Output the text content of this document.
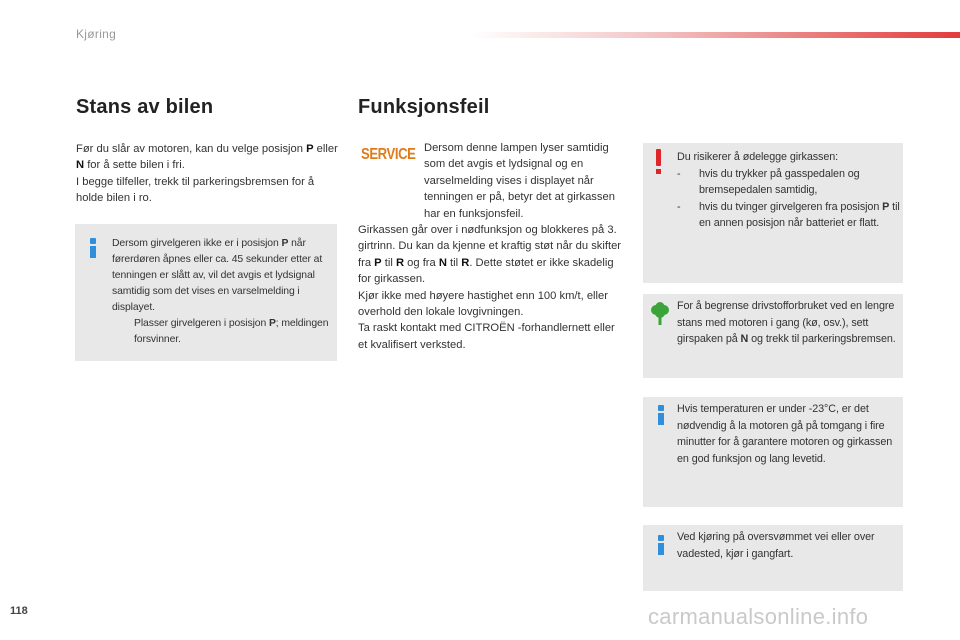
Kjøring
Stans av bilen

Før du slår av motoren, kan du velge posisjon P eller N for å sette bilen i fri.

I begge tilfeller, trekk til parkeringsbremsen for å holde bilen i ro.

Dersom girvelgeren ikke er i posisjon P når førerdøren åpnes eller ca. 45 sekunder etter at tenningen er slått av, vil det avgis et lydsignal samtidig som det vises en varselmelding i displayet.
Plasser girvelgeren i posisjon P; meldingen forsvinner.
Funksjonsfeil
SERVICE Dersom denne lampen lyser samtidig som det avgis et lydsignal og en varselmelding vises i displayet når tenningen er på, betyr det at girkassen har en funksjonsfeil.

Girkassen går over i nødfunksjon og blokkeres på 3. girtrinn. Du kan da kjenne et kraftig støt når du skifter fra P til R og fra N til R. Dette støtet er ikke skadelig for girkassen.

Kjør ikke med høyere hastighet enn 100 km/t, eller overhold den lokale lovgivningen.

Ta raskt kontakt med CITROËN -forhandlernett eller et kvalifisert verksted.

Du risikerer å ødelegge girkassen:
-	hvis du trykker på gasspedalen og bremsepedalen samtidig,
-	hvis du tvinger girvelgeren fra posisjon P til en annen posisjon når batteriet er flatt.
For å begrense drivstofforbruket ved en lengre stans med motoren i gang (kø, osv.), sett girspaken på N og trekk til parkeringsbremsen.
Hvis temperaturen er under -23°C, er det nødvendig å la motoren gå på tomgang i fire minutter for å garantere motoren og girkassen en god funksjon og lang levetid.
Ved kjøring på oversvømmet vei eller over vadested, kjør i gangfart.
118	carmanualsonline.info
